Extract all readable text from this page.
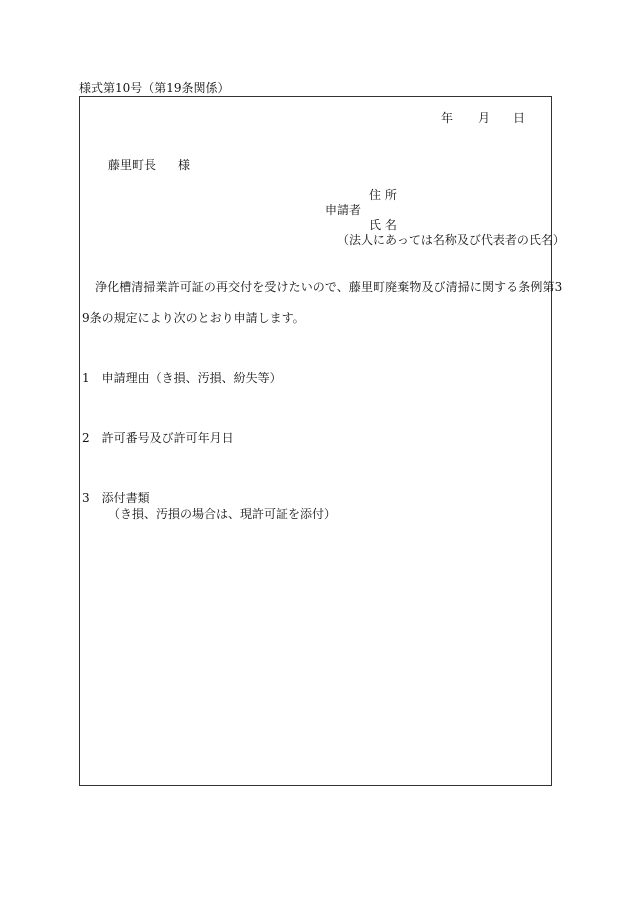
様式第10号（第19条関係）
年 月 日
藤里町長 様
住 所
申請者
氏 名
（法人にあっては名称及び代表者の氏名）
浄化槽清掃業許可証の再交付を受けたいので、藤里町廃棄物及び清掃に関する条例第3
9条の規定により次のとおり申請します。
1　申請理由（き損、汚損、紛失等）
2　許可番号及び許可年月日
3　添付書類
（き損、汚損の場合は、現許可証を添付）
